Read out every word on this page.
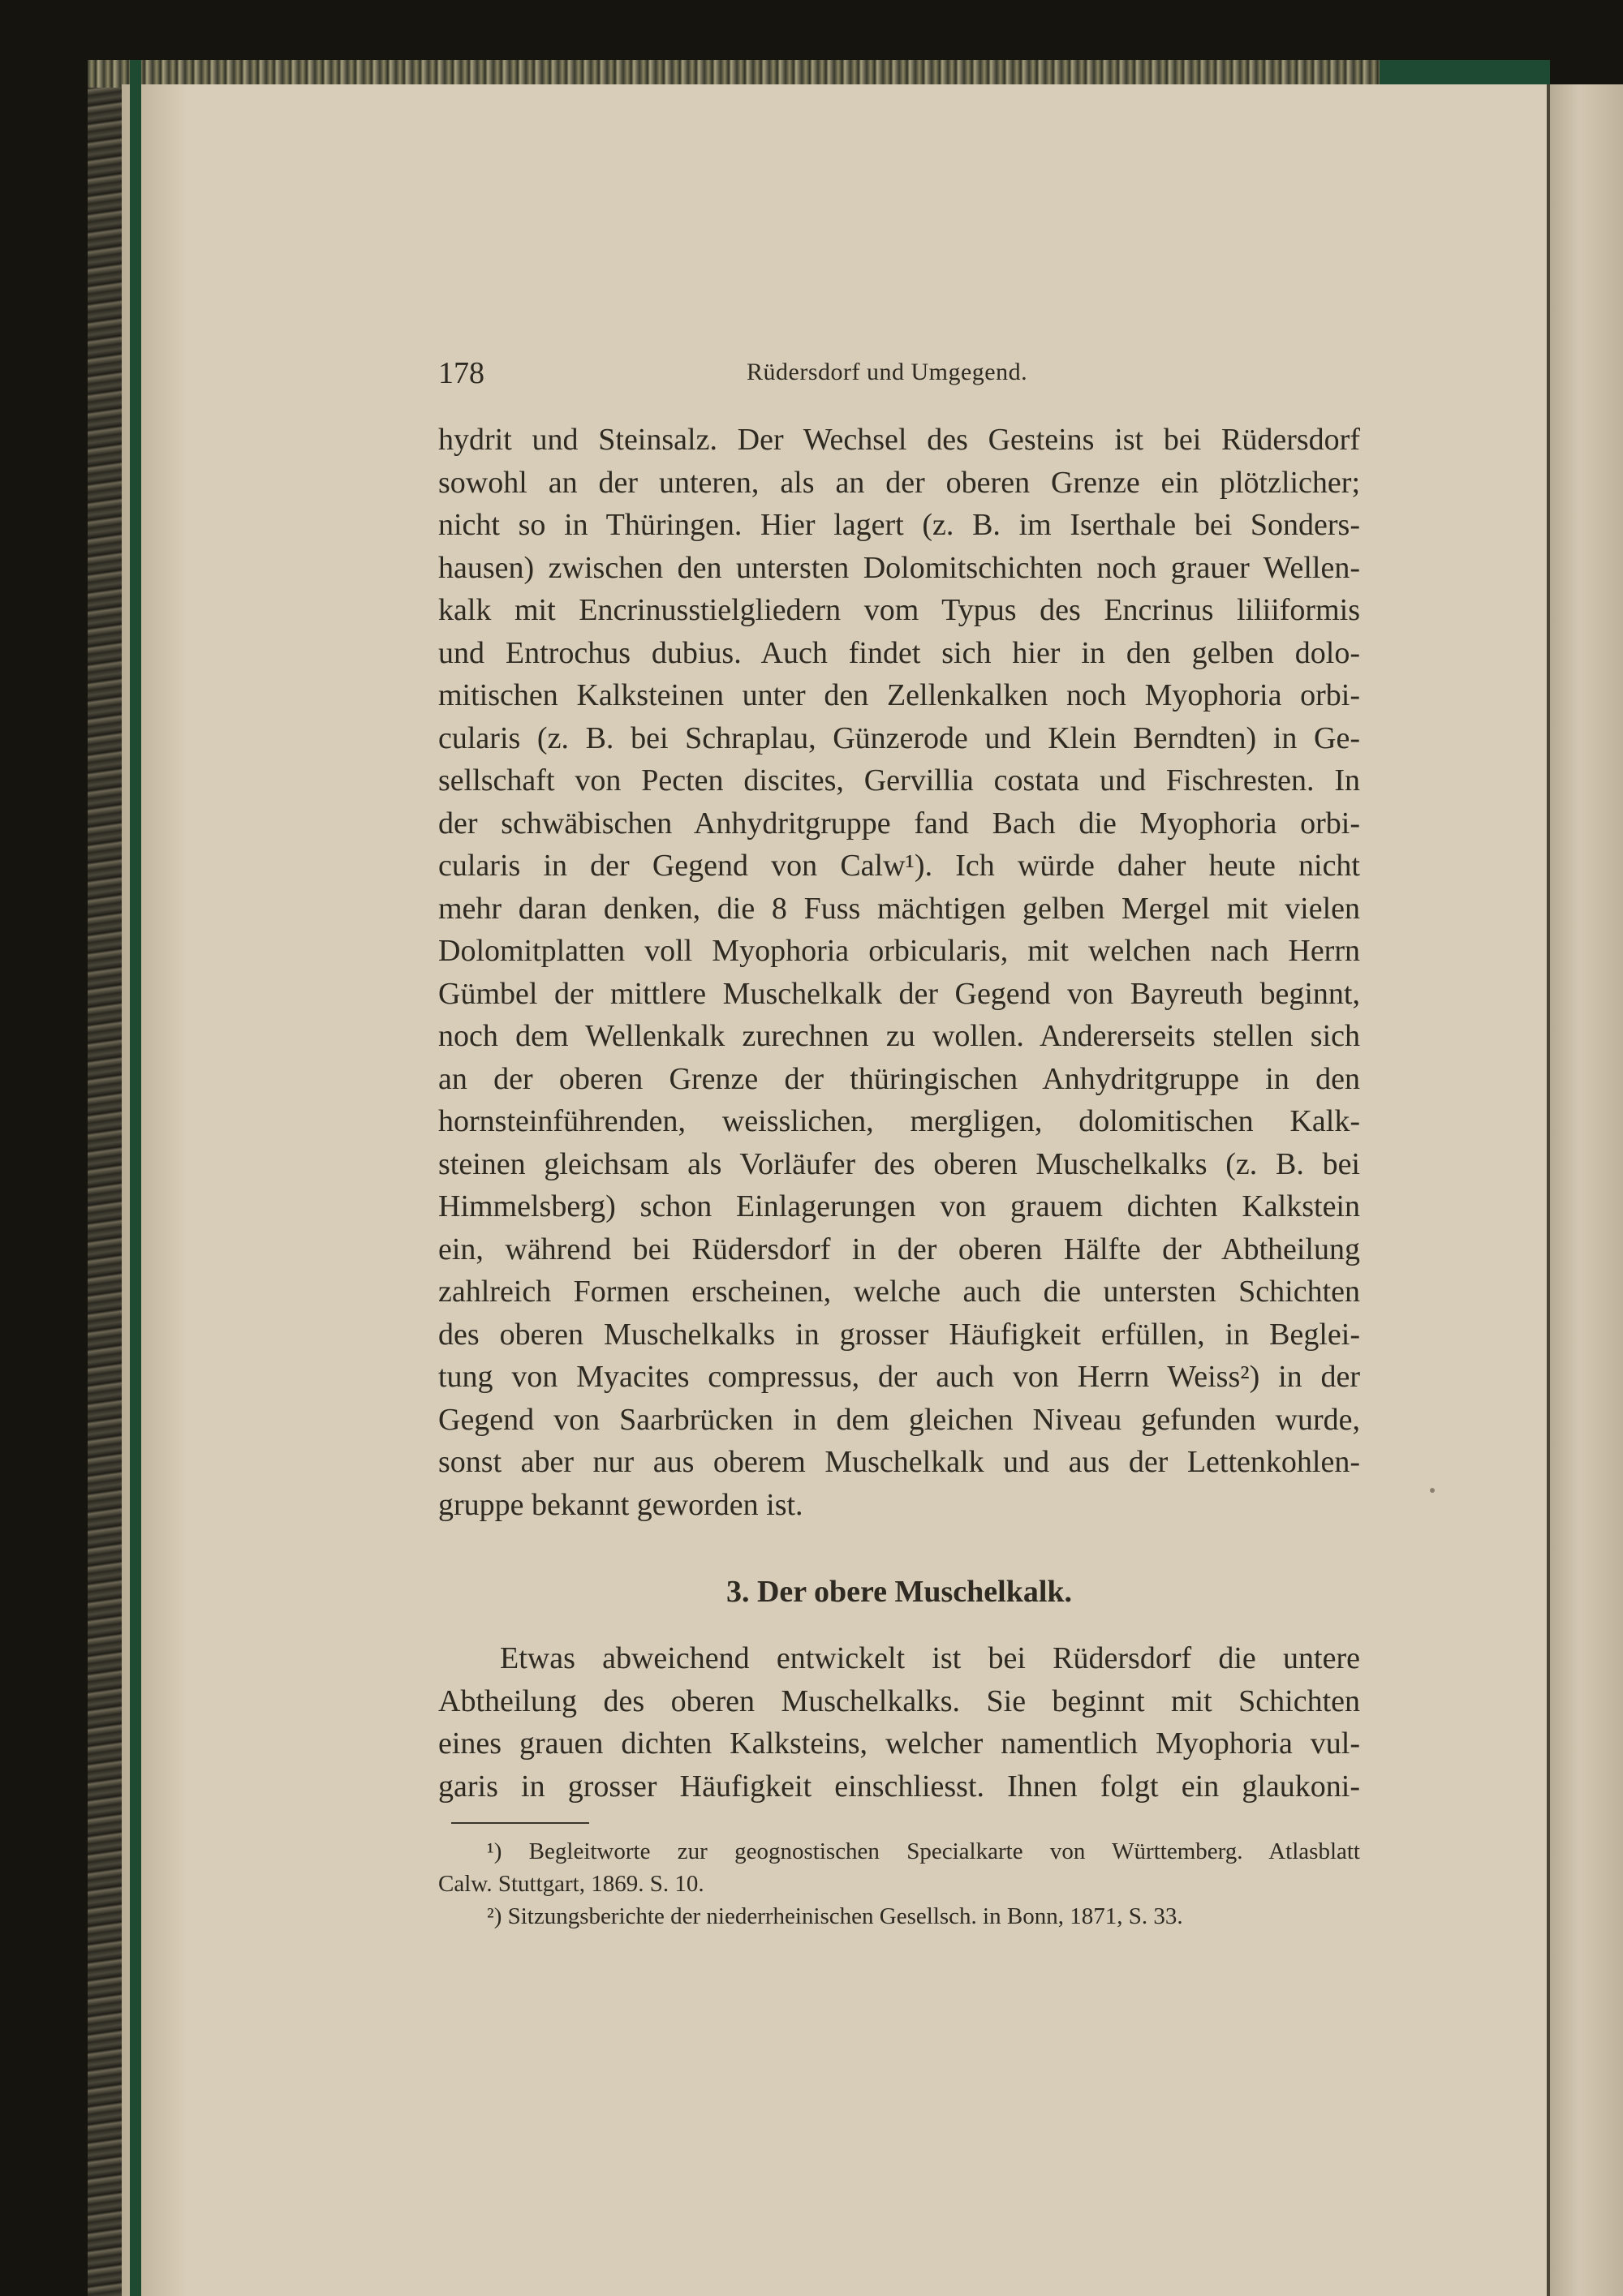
178	Rüdersdorf und Umgegend.
hydrit und Steinsalz. Der Wechsel des Gesteins ist bei Rüdersdorf
sowohl an der unteren, als an der oberen Grenze ein plötzlicher;
nicht so in Thüringen. Hier lagert (z. B. im Iserthale bei Sonders-
hausen) zwischen den untersten Dolomitschichten noch grauer Wellen-
kalk mit Encrinusstielgliedern vom Typus des Encrinus liliiformis
und Entrochus dubius. Auch findet sich hier in den gelben dolo-
mitischen Kalksteinen unter den Zellenkalken noch Myophoria orbi-
cularis (z. B. bei Schraplau, Günzerode und Klein Berndten) in Ge-
sellschaft von Pecten discites, Gervillia costata und Fischresten. In
der schwäbischen Anhydritgruppe fand Bach die Myophoria orbi-
cularis in der Gegend von Calw¹). Ich würde daher heute nicht
mehr daran denken, die 8 Fuss mächtigen gelben Mergel mit vielen
Dolomitplatten voll Myophoria orbicularis, mit welchen nach Herrn
Gümbel der mittlere Muschelkalk der Gegend von Bayreuth beginnt,
noch dem Wellenkalk zurechnen zu wollen. Andererseits stellen sich
an der oberen Grenze der thüringischen Anhydritgruppe in den
hornsteinführenden, weisslichen, mergligen, dolomitischen Kalk-
steinen gleichsam als Vorläufer des oberen Muschelkalks (z. B. bei
Himmelsberg) schon Einlagerungen von grauem dichten Kalkstein
ein, während bei Rüdersdorf in der oberen Hälfte der Abtheilung
zahlreich Formen erscheinen, welche auch die untersten Schichten
des oberen Muschelkalks in grosser Häufigkeit erfüllen, in Beglei-
tung von Myacites compressus, der auch von Herrn Weiss²) in der
Gegend von Saarbrücken in dem gleichen Niveau gefunden wurde,
sonst aber nur aus oberem Muschelkalk und aus der Lettenkohlen-
gruppe bekannt geworden ist.
3. Der obere Muschelkalk.
Etwas abweichend entwickelt ist bei Rüdersdorf die untere
Abtheilung des oberen Muschelkalks. Sie beginnt mit Schichten
eines grauen dichten Kalksteins, welcher namentlich Myophoria vul-
garis in grosser Häufigkeit einschliesst. Ihnen folgt ein glaukoni-
¹) Begleitworte zur geognostischen Specialkarte von Württemberg. Atlasblatt
Calw. Stuttgart, 1869. S. 10.
²) Sitzungsberichte der niederrheinischen Gesellsch. in Bonn, 1871, S. 33.
